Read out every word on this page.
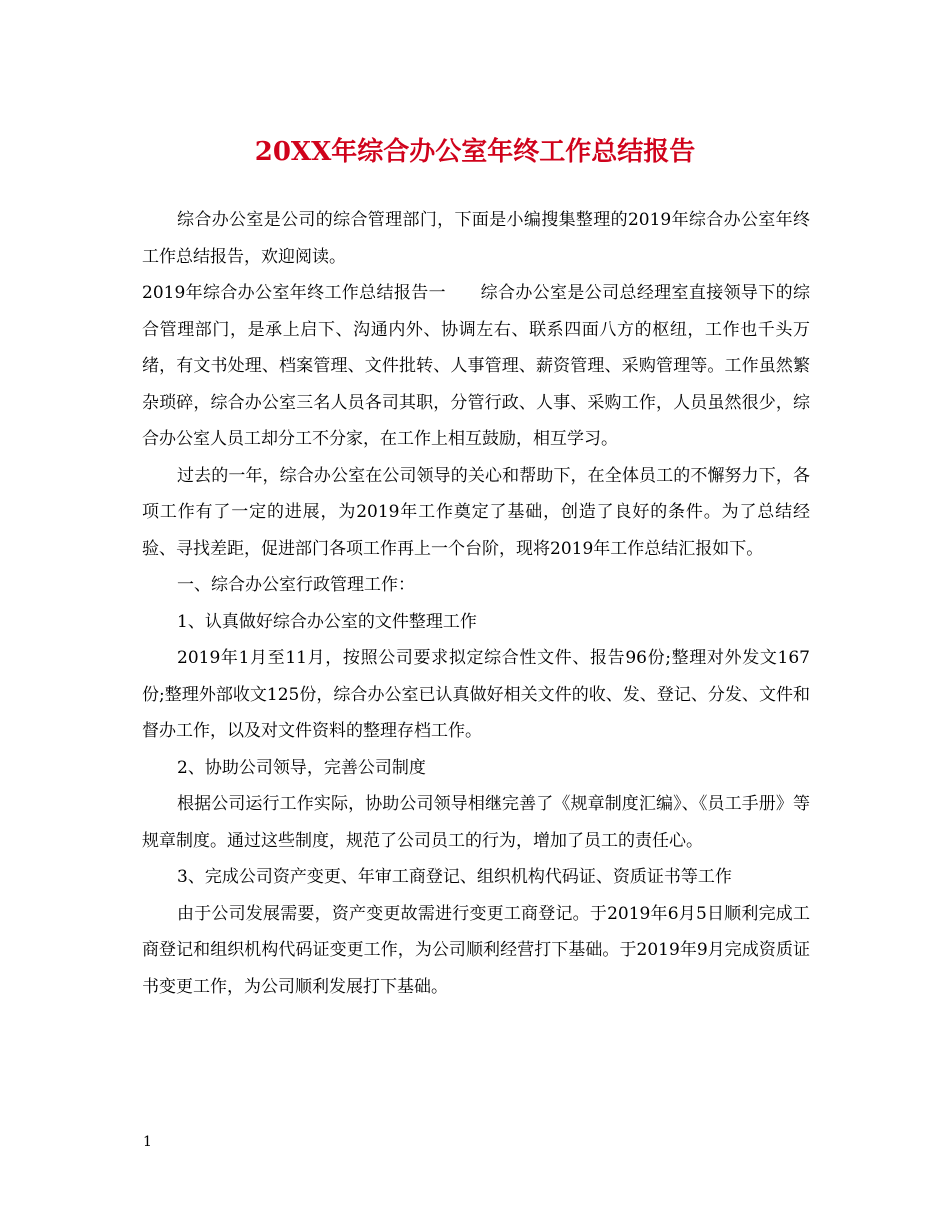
20XX年综合办公室年终工作总结报告

综合办公室是公司的综合管理部门，下面是小编搜集整理的2019年综合办公室年终工作总结报告，欢迎阅读。

2019年综合办公室年终工作总结报告一　　综合办公室是公司总经理室直接领导下的综合管理部门，是承上启下、沟通内外、协调左右、联系四面八方的枢纽，工作也千头万绪，有文书处理、档案管理、文件批转、人事管理、薪资管理、采购管理等。工作虽然繁杂琐碎，综合办公室三名人员各司其职，分管行政、人事、采购工作，人员虽然很少，综合办公室人员工却分工不分家，在工作上相互鼓励，相互学习。

过去的一年，综合办公室在公司领导的关心和帮助下，在全体员工的不懈努力下，各项工作有了一定的进展，为2019年工作奠定了基础，创造了良好的条件。为了总结经验、寻找差距，促进部门各项工作再上一个台阶，现将2019年工作总结汇报如下。

一、综合办公室行政管理工作：

1、认真做好综合办公室的文件整理工作

2019年1月至11月，按照公司要求拟定综合性文件、报告96份;整理对外发文167份;整理外部收文125份，综合办公室已认真做好相关文件的收、发、登记、分发、文件和督办工作，以及对文件资料的整理存档工作。

2、协助公司领导，完善公司制度

根据公司运行工作实际，协助公司领导相继完善了《规章制度汇编》、《员工手册》等规章制度。通过这些制度，规范了公司员工的行为，增加了员工的责任心。

3、完成公司资产变更、年审工商登记、组织机构代码证、资质证书等工作

由于公司发展需要，资产变更故需进行变更工商登记。于2019年6月5日顺利完成工商登记和组织机构代码证变更工作，为公司顺利经营打下基础。于2019年9月完成资质证书变更工作，为公司顺利发展打下基础。

1
